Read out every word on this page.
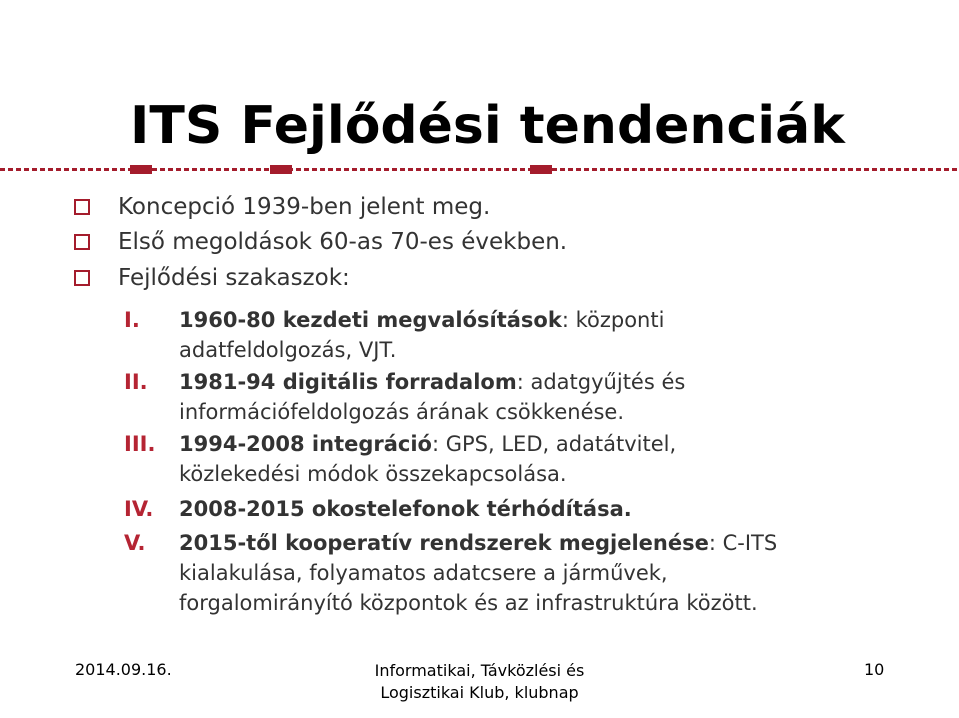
ITS Fejlődési tendenciák
Koncepció 1939-ben jelent meg.
Első megoldások 60-as 70-es években.
Fejlődési szakaszok:
I. 1960-80 kezdeti megvalósítások: központi
adatfeldolgozás, VJT.
II. 1981-94 digitális forradalom: adatgyűjtés és
információfeldolgozás árának csökkenése.
III. 1994-2008 integráció: GPS, LED, adatátvitel,
közlekedési módok összekapcsolása.
IV. 2008-2015 okostelefonok térhódítása.
V. 2015-től kooperatív rendszerek megjelenése: C-ITS
kialakulása, folyamatos adatcsere a járművek,
forgalomirányító központok és az infrastruktúra között.
2014.09.16.	Informatikai, Távközlési és
Logisztikai Klub, klubnap
10
